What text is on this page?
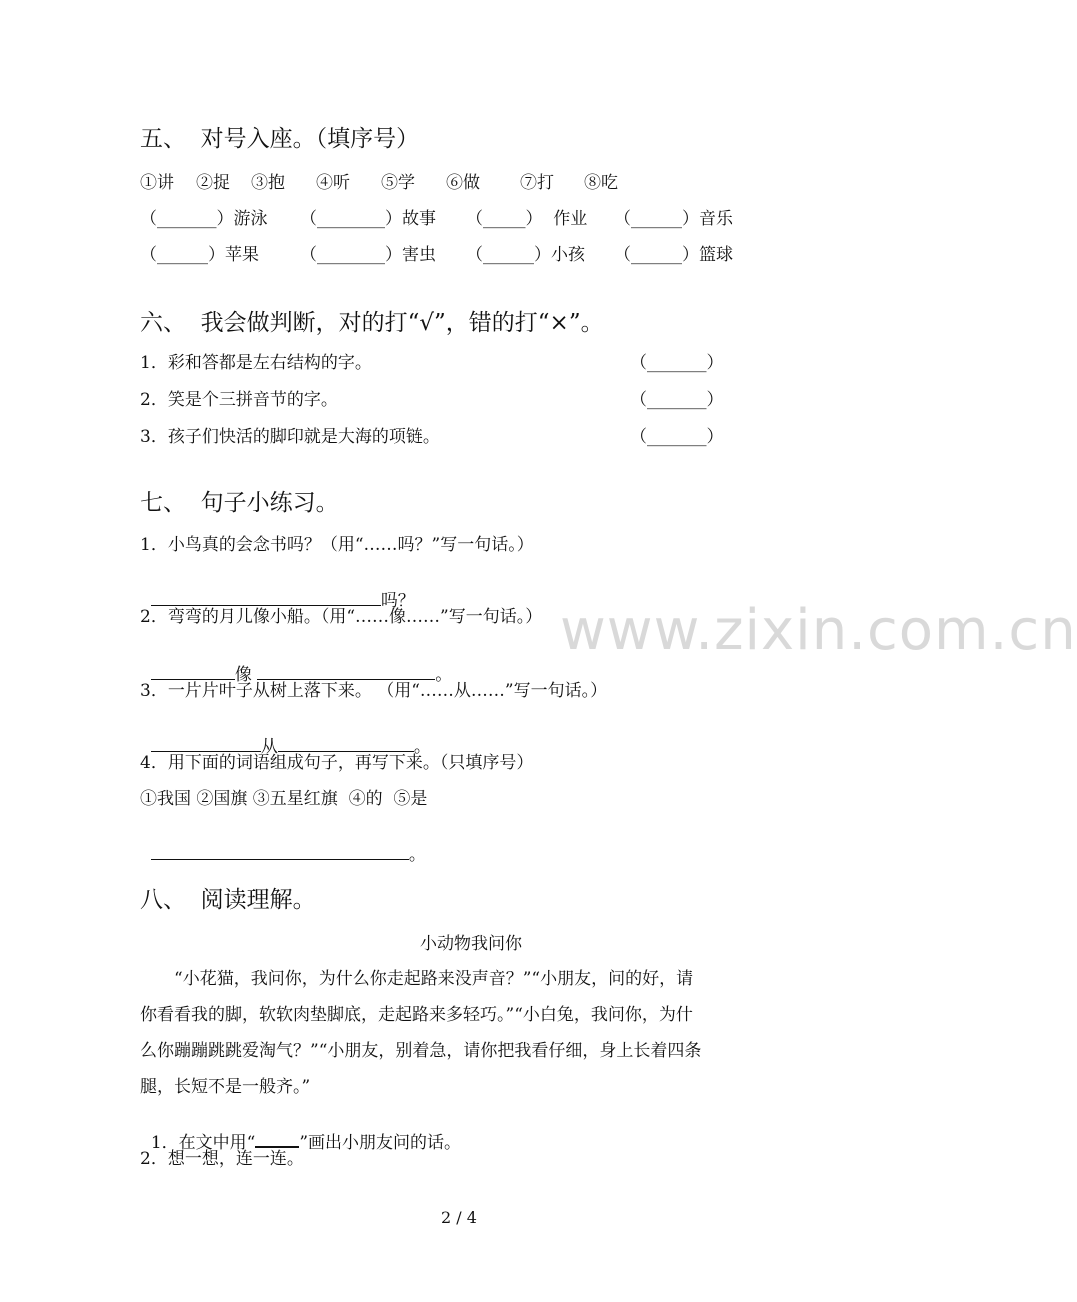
www.zixin.com.cn
五、  对号入座。（填序号）
①讲 ②捉 ③抱 ④听 ⑤学 ⑥做 ⑦打 ⑧吃
（_______）游泳 （________）故事 （_____）  作业 （______）音乐
（______）苹果 （________）害虫 （______）小孩 （______）篮球
六、  我会做判断，对的打“√”，错的打“×”。
1．彩和答都是左右结构的字。	（_______）
2．笑是个三拼音节的字。	（_______）
3．孩子们快活的脚印就是大海的项链。	（_______）
七、  句子小练习。
1．小鸟真的会念书吗？（用“……吗？”写一句话。）

吗？

2．弯弯的月儿像小船。（用“……像……”写一句话。）

像	。

3．一片片叶子从树上落下来。 （用“……从……”写一句话。）

从	。

4．用下面的词语组成句子，再写下来。（只填序号）
①我国 ②国旗 ③五星红旗  ④的  ⑤是

。

八、  阅读理解。
小动物我问你
“小花猫，我问你，为什么你走起路来没声音？”“小朋友，问的好，请
你看看我的脚，软软肉垫脚底，走起路来多轻巧。”“小白兔，我问你，为什
么你蹦蹦跳跳爱淘气？”“小朋友，别着急，请你把我看仔细，身上长着四条
腿，长短不是一般齐。”

1．在文中用“	”画出小朋友问的话。

2．想一想，连一连。
2 / 4
